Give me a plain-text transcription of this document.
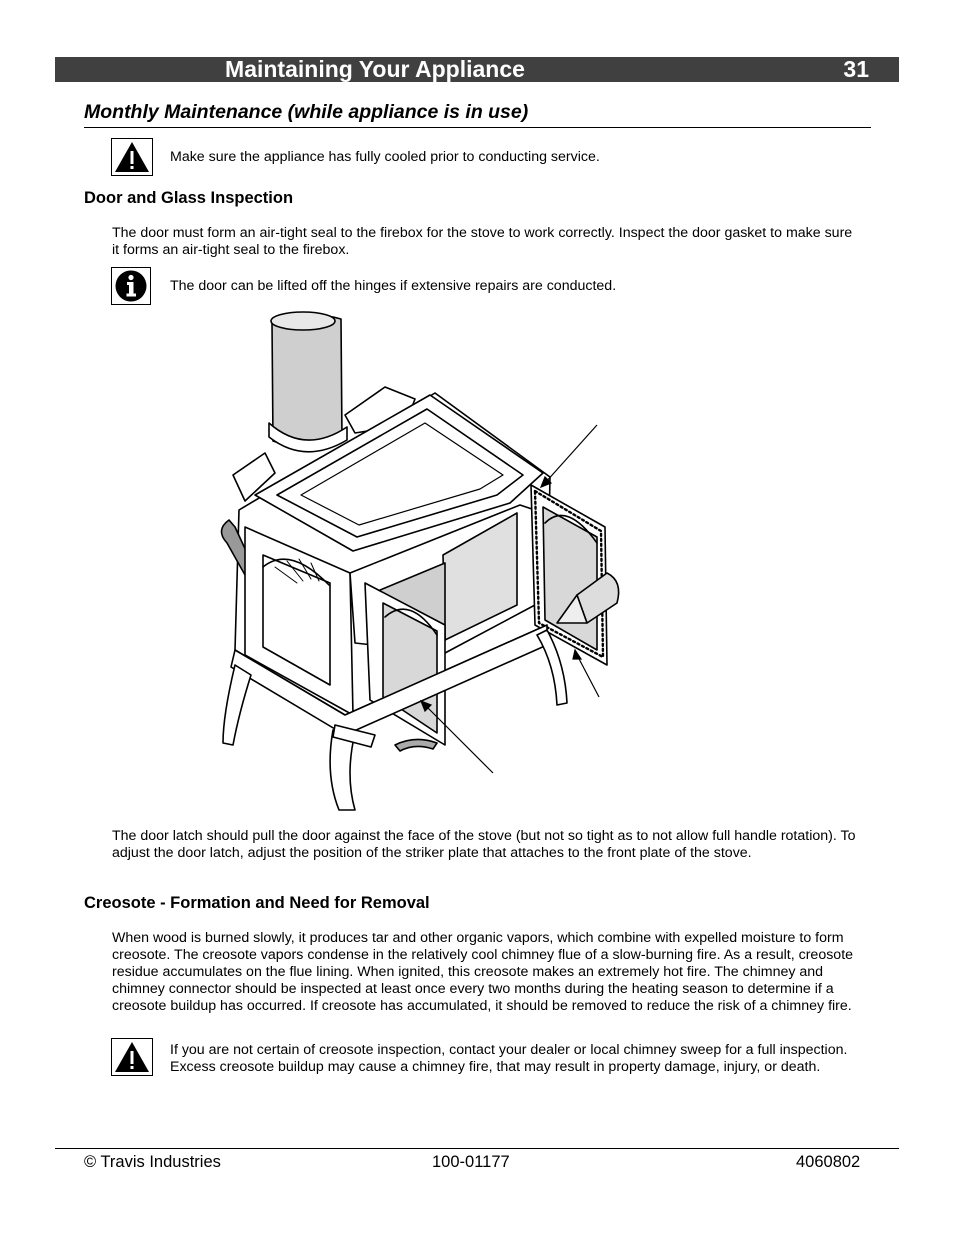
Maintaining Your Appliance	31
Monthly Maintenance (while appliance is in use)

Make sure the appliance has fully cooled prior to conducting service.

Door and Glass Inspection

The door must form an air-tight seal to the firebox for the stove to work correctly. Inspect the door gasket to make sure it forms an air-tight seal to the firebox.

The door can be lifted off the hinges if extensive repairs are conducted.

The door latch should pull the door against the face of the stove (but not so tight as to not allow full handle rotation). To adjust the door latch, adjust the position of the striker plate that attaches to the front plate of the stove.

Creosote - Formation and Need for Removal

When wood is burned slowly, it produces tar and other organic vapors, which combine with expelled moisture to form creosote. The creosote vapors condense in the relatively cool chimney flue of a slow-burning fire. As a result, creosote residue accumulates on the flue lining. When ignited, this creosote makes an extremely hot fire. The chimney and chimney connector should be inspected at least once every two months during the heating season to determine if a creosote buildup has occurred. If creosote has accumulated, it should be removed to reduce the risk of a chimney fire.

If you are not certain of creosote inspection, contact your dealer or local chimney sweep for a full inspection. Excess creosote buildup may cause a chimney fire, that may result in property damage, injury, or death.

© Travis Industries	100-01177	4060802
